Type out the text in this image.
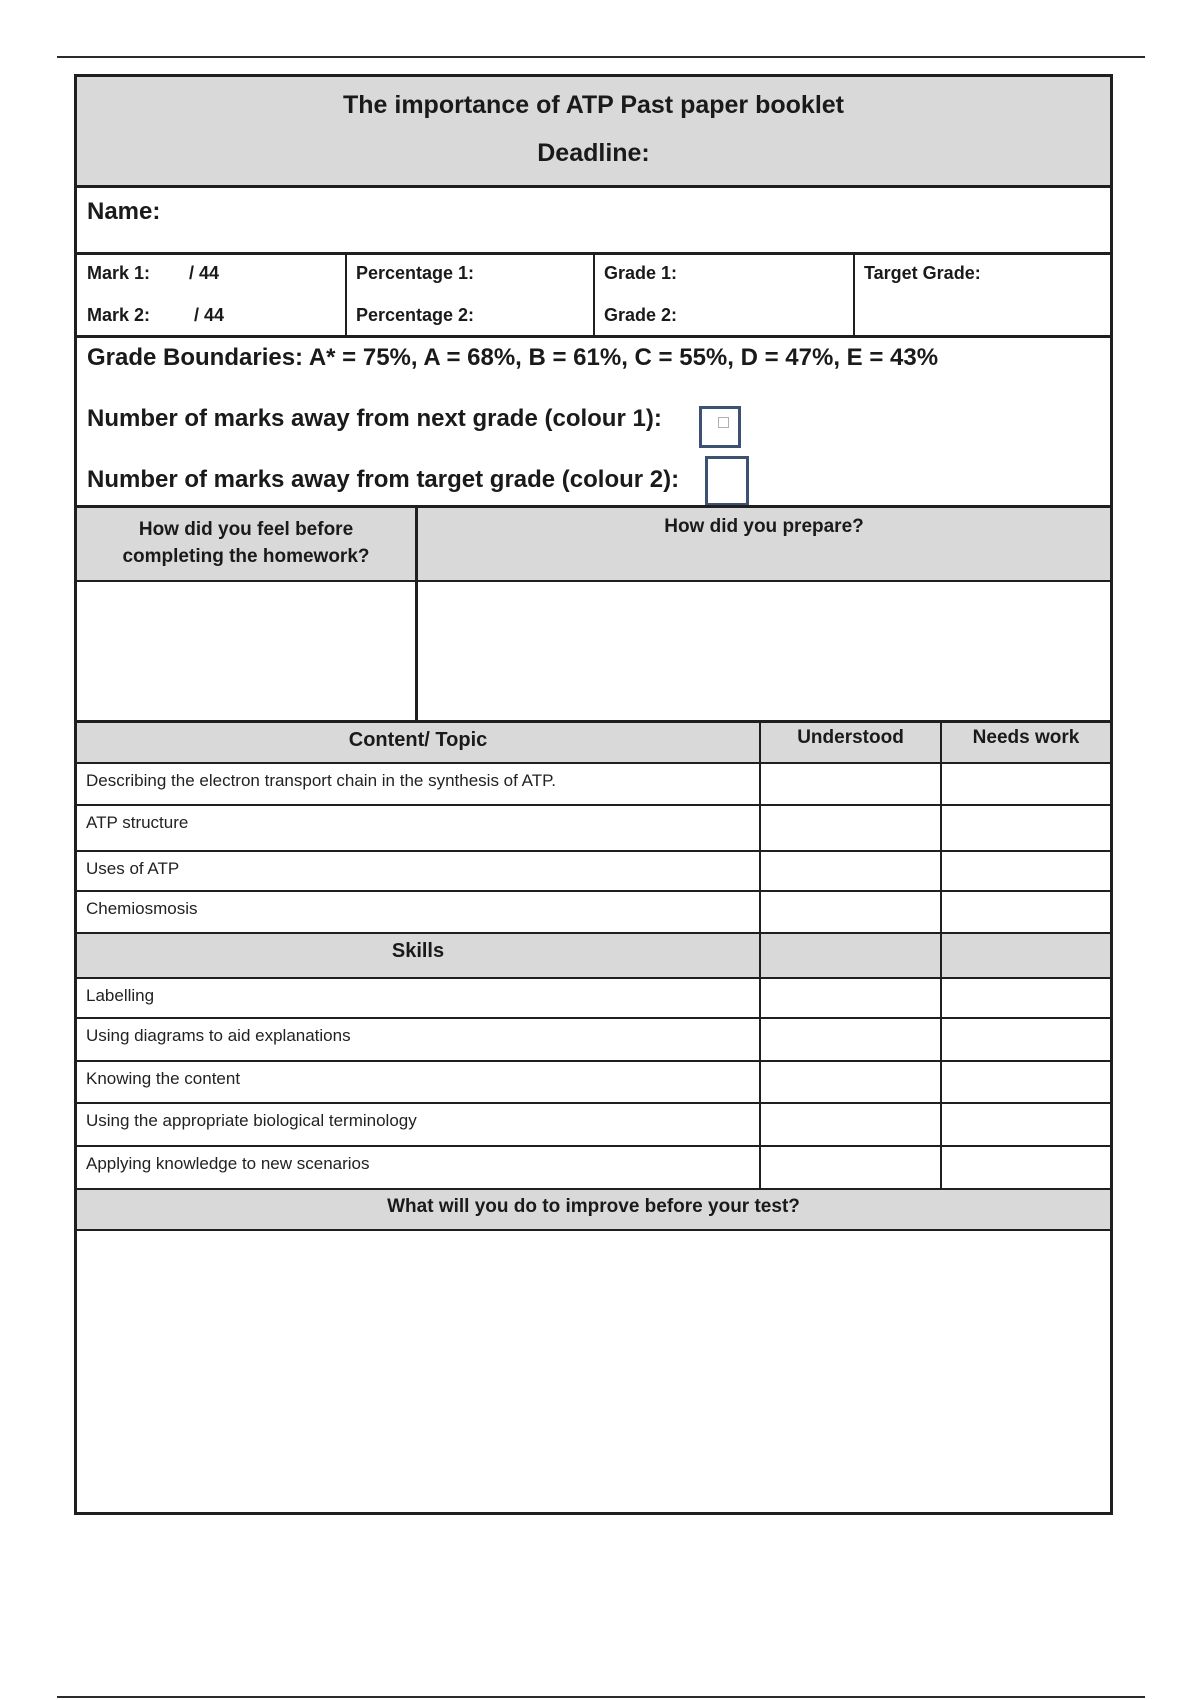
The importance of ATP Past paper booklet
Deadline:
Name:
Mark 1: / 44
Mark 2: / 44
Percentage 1:
Percentage 2:
Grade 1:
Grade 2:
Target Grade:
Grade Boundaries: A* = 75%, A = 68%, B = 61%, C = 55%, D = 47%, E = 43%
Number of marks away from next grade (colour 1):
Number of marks away from target grade (colour 2):
How did you feel before
completing the homework?
How did you prepare?
Content/ Topic	Understood	Needs work
Describing the electron transport chain in the synthesis of ATP.
ATP structure
Uses of ATP
Chemiosmosis
Skills
Labelling
Using diagrams to aid explanations
Knowing the content
Using the appropriate biological terminology
Applying knowledge to new scenarios
What will you do to improve before your test?
